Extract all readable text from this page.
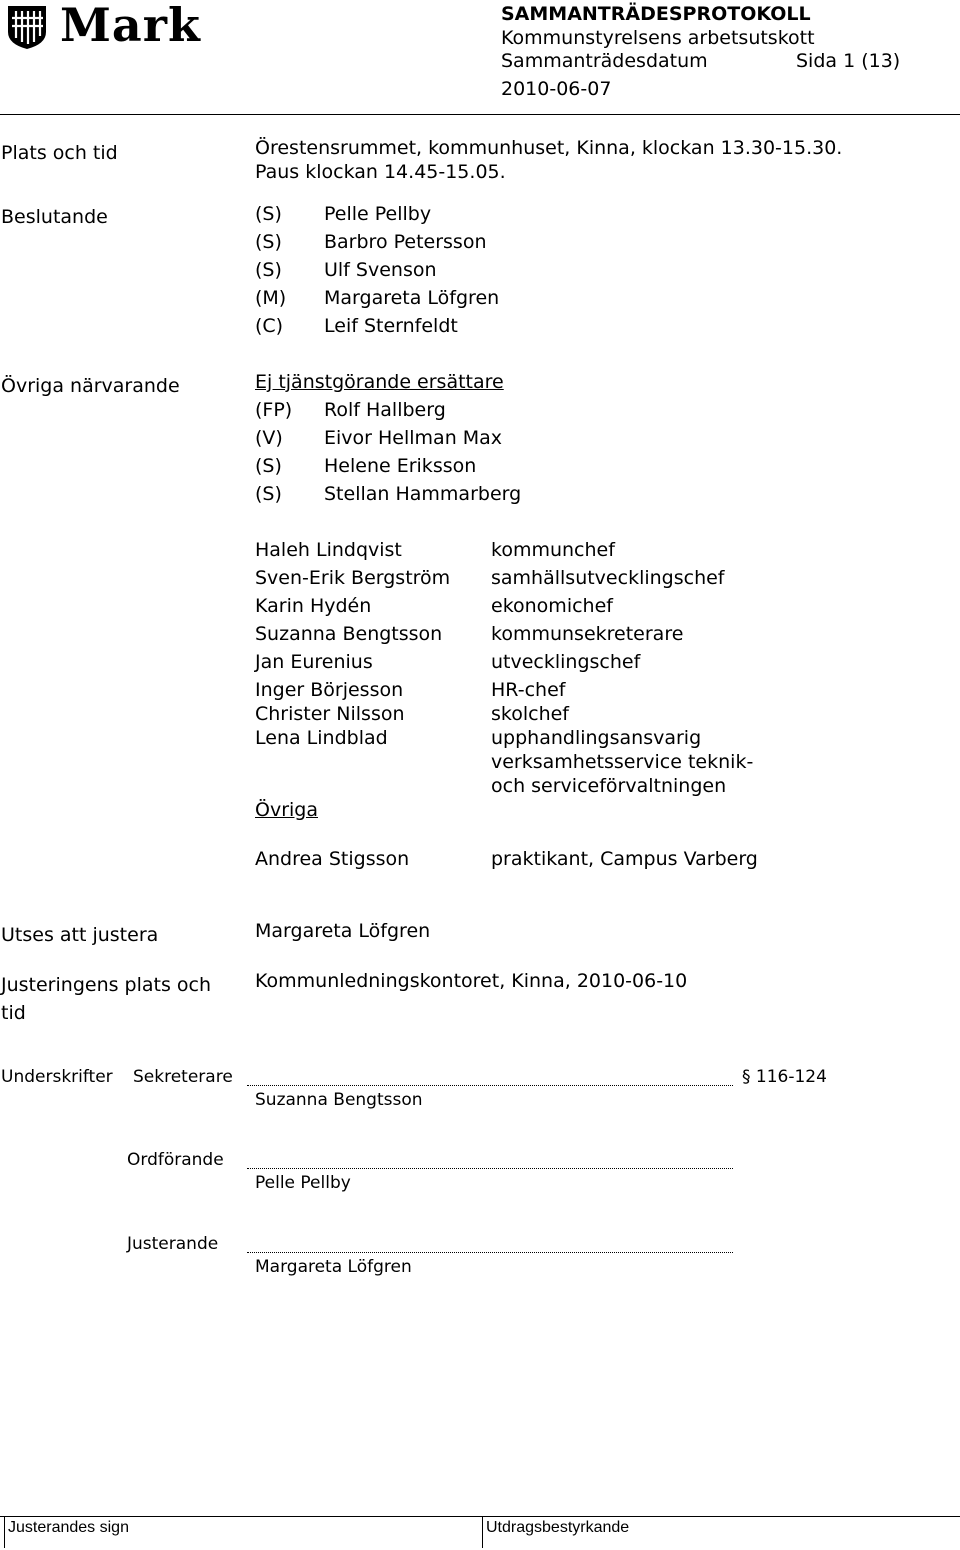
Mark	SAMMANTRÄDESPROTOKOLL
Kommunstyrelsens arbetsutskott
Sammanträdesdatum	Sida 1 (13)
2010-06-07
Plats och tid	Örestensrummet, kommunhuset, Kinna, klockan 13.30-15.30.
Paus klockan 14.45-15.05.
Beslutande	(S) Pelle Pellby
(S) Barbro Petersson
(S) Ulf Svenson
(M) Margareta Löfgren
(C) Leif Sternfeldt
Övriga närvarande	Ej tjänstgörande ersättare
(FP) Rolf Hallberg
(V) Eivor Hellman Max
(S) Helene Eriksson
(S) Stellan Hammarberg
Haleh Lindqvist	kommunchef
Sven-Erik Bergström samhällsutvecklingschef
Karin Hydén	ekonomichef
Suzanna Bengtsson	kommunsekreterare
Jan Eurenius	utvecklingschef
Inger Börjesson	HR-chef
Christer Nilsson	skolchef
Lena Lindblad	upphandlingsansvarig
verksamhetsservice teknik-
och serviceförvaltningen
Övriga
Andrea Stigsson	praktikant, Campus Varberg
Utses att justera	Margareta Löfgren
Justeringens plats och
tid
Kommunledningskontoret, Kinna, 2010-06-10
Underskrifter Sekreterare	§ 116-124
Suzanna Bengtsson
Ordförande
Pelle Pellby
Justerande
Margareta Löfgren
Justerandes sign	Utdragsbestyrkande
